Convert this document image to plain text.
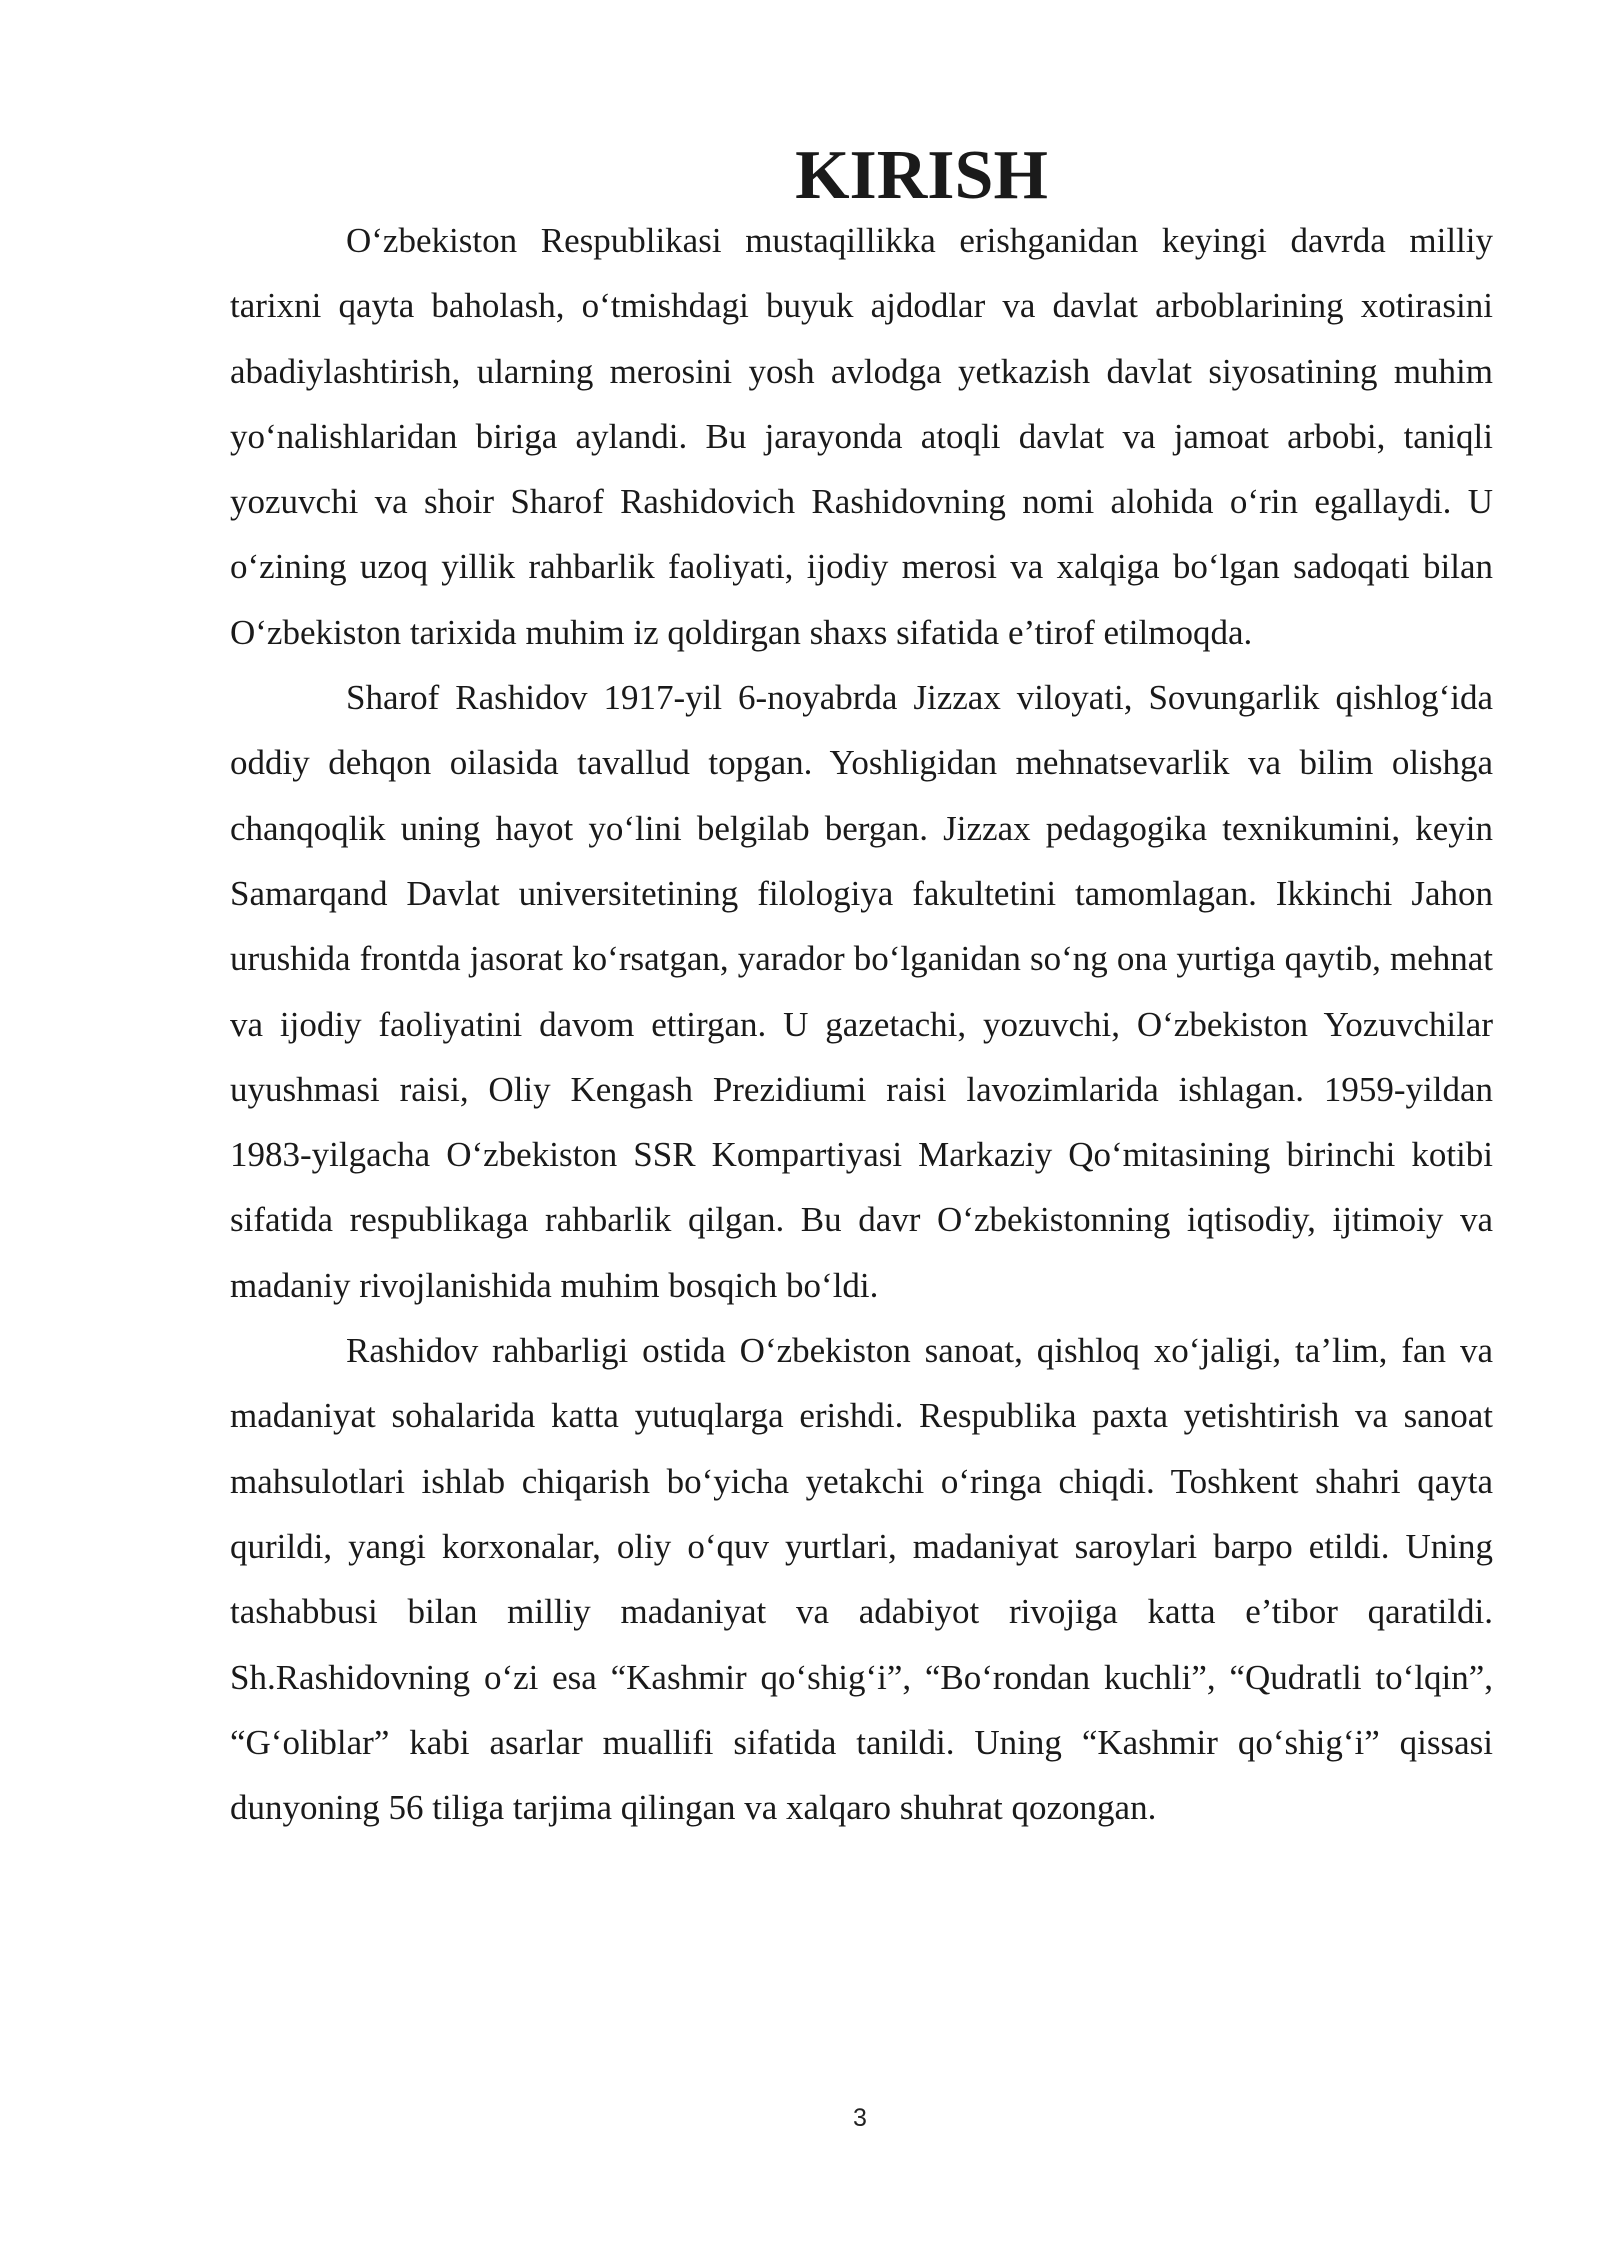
KIRISH

O‘zbekiston Respublikasi mustaqillikka erishganidan keyingi davrda milliy tarixni qayta baholash, o‘tmishdagi buyuk ajdodlar va davlat arboblarining xotirasini abadiylashtirish, ularning merosini yosh avlodga yetkazish davlat siyosatining muhim yo‘nalishlaridan biriga aylandi. Bu jarayonda atoqli davlat va jamoat arbobi, taniqli yozuvchi va shoir Sharof Rashidovich Rashidovning nomi alohida o‘rin egallaydi. U o‘zining uzoq yillik rahbarlik faoliyati, ijodiy merosi va xalqiga bo‘lgan sadoqati bilan O‘zbekiston tarixida muhim iz qoldirgan shaxs sifatida e’tirof etilmoqda.

Sharof Rashidov 1917-yil 6-noyabrda Jizzax viloyati, Sovungarlik qishlog‘ida oddiy dehqon oilasida tavallud topgan. Yoshligidan mehnatsevarlik va bilim olishga chanqoqlik uning hayot yo‘lini belgilab bergan. Jizzax pedagogika texnikumini, keyin Samarqand Davlat universitetining filologiya fakultetini tamomlagan. Ikkinchi Jahon urushida frontda jasorat ko‘rsatgan, yarador bo‘lganidan so‘ng ona yurtiga qaytib, mehnat va ijodiy faoliyatini davom ettirgan. U gazetachi, yozuvchi, O‘zbekiston Yozuvchilar uyushmasi raisi, Oliy Kengash Prezidiumi raisi lavozimlarida ishlagan. 1959-yildan 1983-yilgacha O‘zbekiston SSR Kompartiyasi Markaziy Qo‘mitasining birinchi kotibi sifatida respublikaga rahbarlik qilgan. Bu davr O‘zbekistonning iqtisodiy, ijtimoiy va madaniy rivojlanishida muhim bosqich bo‘ldi.

Rashidov rahbarligi ostida O‘zbekiston sanoat, qishloq xo‘jaligi, ta’lim, fan va madaniyat sohalarida katta yutuqlarga erishdi. Respublika paxta yetishtirish va sanoat mahsulotlari ishlab chiqarish bo‘yicha yetakchi o‘ringa chiqdi. Toshkent shahri qayta qurildi, yangi korxonalar, oliy o‘quv yurtlari, madaniyat saroylari barpo etildi. Uning tashabbusi bilan milliy madaniyat va adabiyot rivojiga katta e’tibor qaratildi. Sh.Rashidovning o‘zi esa “Kashmir qo‘shig‘i”, “Bo‘rondan kuchli”, “Qudratli to‘lqin”, “G‘oliblar” kabi asarlar muallifi sifatida tanildi. Uning “Kashmir qo‘shig‘i” qissasi dunyoning 56 tiliga tarjima qilingan va xalqaro shuhrat qozongan.

3
